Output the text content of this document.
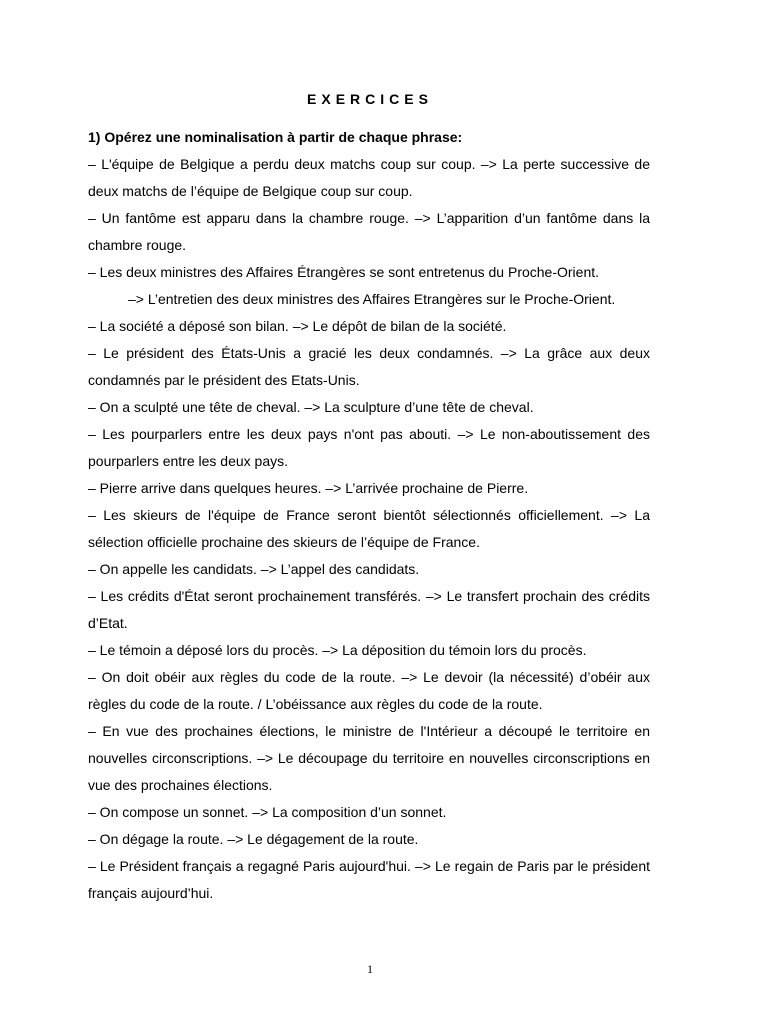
EXERCICES

1) Opérez une nominalisation à partir de chaque phrase:

– L'équipe de Belgique a perdu deux matchs coup sur coup. –> La perte successive de deux matchs de l’équipe de Belgique coup sur coup.

– Un fantôme est apparu dans la chambre rouge. –> L’apparition d’un fantôme dans la chambre rouge.

– Les deux ministres des Affaires Étrangères se sont entretenus du Proche-Orient.

–> L’entretien des deux ministres des Affaires Etrangères sur le Proche-Orient.

– La société a déposé son bilan. –> Le dépôt de bilan de la société.

– Le président des États-Unis a gracié les deux condamnés. –> La grâce aux deux condamnés par le président des Etats-Unis.

– On a sculpté une tête de cheval. –> La sculpture d’une tête de cheval.

– Les pourparlers entre les deux pays n'ont pas abouti. –> Le non-aboutissement des pourparlers entre les deux pays.

– Pierre arrive dans quelques heures. –> L’arrivée prochaine de Pierre.

– Les skieurs de l'équipe de France seront bientôt sélectionnés officiellement. –> La sélection officielle prochaine des skieurs de l’équipe de France.

– On appelle les candidats. –> L’appel des candidats.

– Les crédits d'État seront prochainement transférés. –> Le transfert prochain des crédits d’Etat.

– Le témoin a déposé lors du procès. –> La déposition du témoin lors du procès.

– On doit obéir aux règles du code de la route. –> Le devoir (la nécessité) d’obéir aux règles du code de la route. / L’obéissance aux règles du code de la route.

– En vue des prochaines élections, le ministre de l'Intérieur a découpé le territoire en nouvelles circonscriptions. –> Le découpage du territoire en nouvelles circonscriptions en vue des prochaines élections.

– On compose un sonnet. –> La composition d’un sonnet.

– On dégage la route. –> Le dégagement de la route.

– Le Président français a regagné Paris aujourd'hui. –> Le regain de Paris par le président français aujourd’hui.

1
